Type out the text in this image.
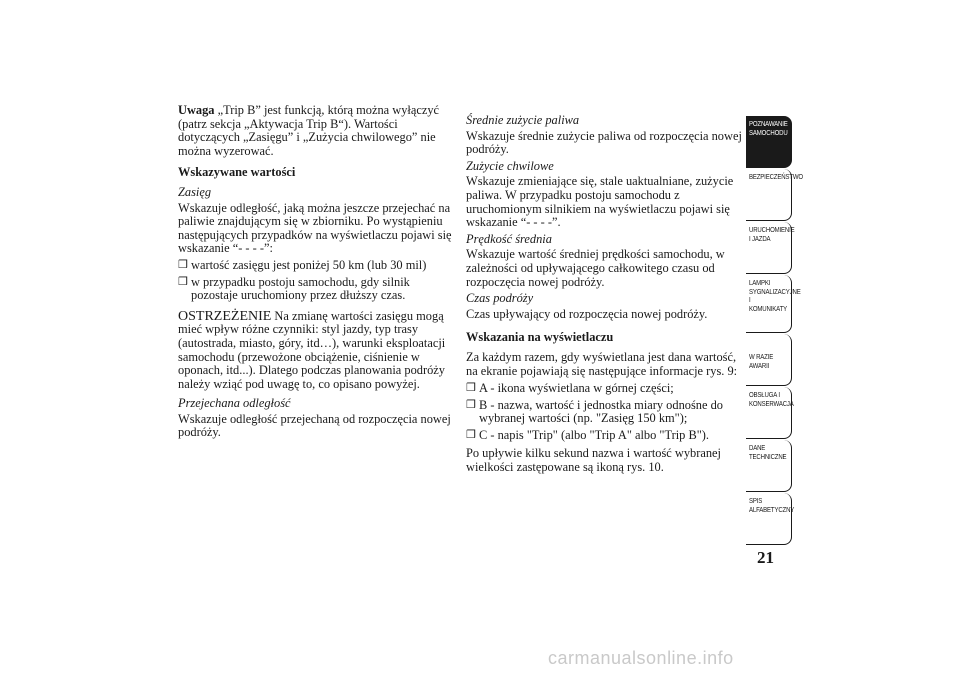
Uwaga „Trip B” jest funkcją, którą można wyłączyć (patrz sekcja „Aktywacja Trip B“). Wartości dotyczących „Zasięgu” i „Zużycia chwilowego” nie można wyzerować.

Wskazywane wartości

Zasięg

Wskazuje odległość, jaką można jeszcze przejechać na paliwie znajdującym się w zbiorniku. Po wystąpieniu następujących przypadków na wyświetlaczu pojawi się wskazanie “- - - -”:

❒ wartość zasięgu jest poniżej 50 km (lub 30 mil)
❒ w przypadku postoju samochodu, gdy silnik pozostaje uruchomiony przez dłuższy czas.

OSTRZEŻENIE Na zmianę wartości zasięgu mogą mieć wpływ różne czynniki: styl jazdy, typ trasy (autostrada, miasto, góry, itd…), warunki eksploatacji samochodu (przewożone obciążenie, ciśnienie w oponach, itd...). Dlatego podczas planowania podróży należy wziąć pod uwagę to, co opisano powyżej.

Przejechana odległość

Wskazuje odległość przejechaną od rozpoczęcia nowej podróży.

Średnie zużycie paliwa

Wskazuje średnie zużycie paliwa od rozpoczęcia nowej podróży.

Zużycie chwilowe

Wskazuje zmieniające się, stale uaktualniane, zużycie paliwa. W przypadku postoju samochodu z uruchomionym silnikiem na wyświetlaczu pojawi się wskazanie “- - - -”.

Prędkość średnia

Wskazuje wartość średniej prędkości samochodu, w zależności od upływającego całkowitego czasu od rozpoczęcia nowej podróży.

Czas podróży

Czas upływający od rozpoczęcia nowej podróży.

Wskazania na wyświetlaczu

Za każdym razem, gdy wyświetlana jest dana wartość, na ekranie pojawiają się następujące informacje rys. 9:

❒ A - ikona wyświetlana w górnej części;
❒ B - nazwa, wartość i jednostka miary odnośne do wybranej wartości (np. "Zasięg 150 km");
❒ C - napis "Trip" (albo "Trip A" albo "Trip B").

Po upływie kilku sekund nazwa i wartość wybranej wielkości zastępowane są ikoną rys. 10.

POZNAWANIE SAMOCHODU
BEZPIECZEŃSTWO
URUCHOMIENIE I JAZDA
LAMPKI SYGNALIZACYJNE I KOMUNIKATY
W RAZIE AWARII
OBSŁUGA I KONSERWACJA
DANE TECHNICZNE
SPIS ALFABETYCZNY
21
carmanualsonline.info
